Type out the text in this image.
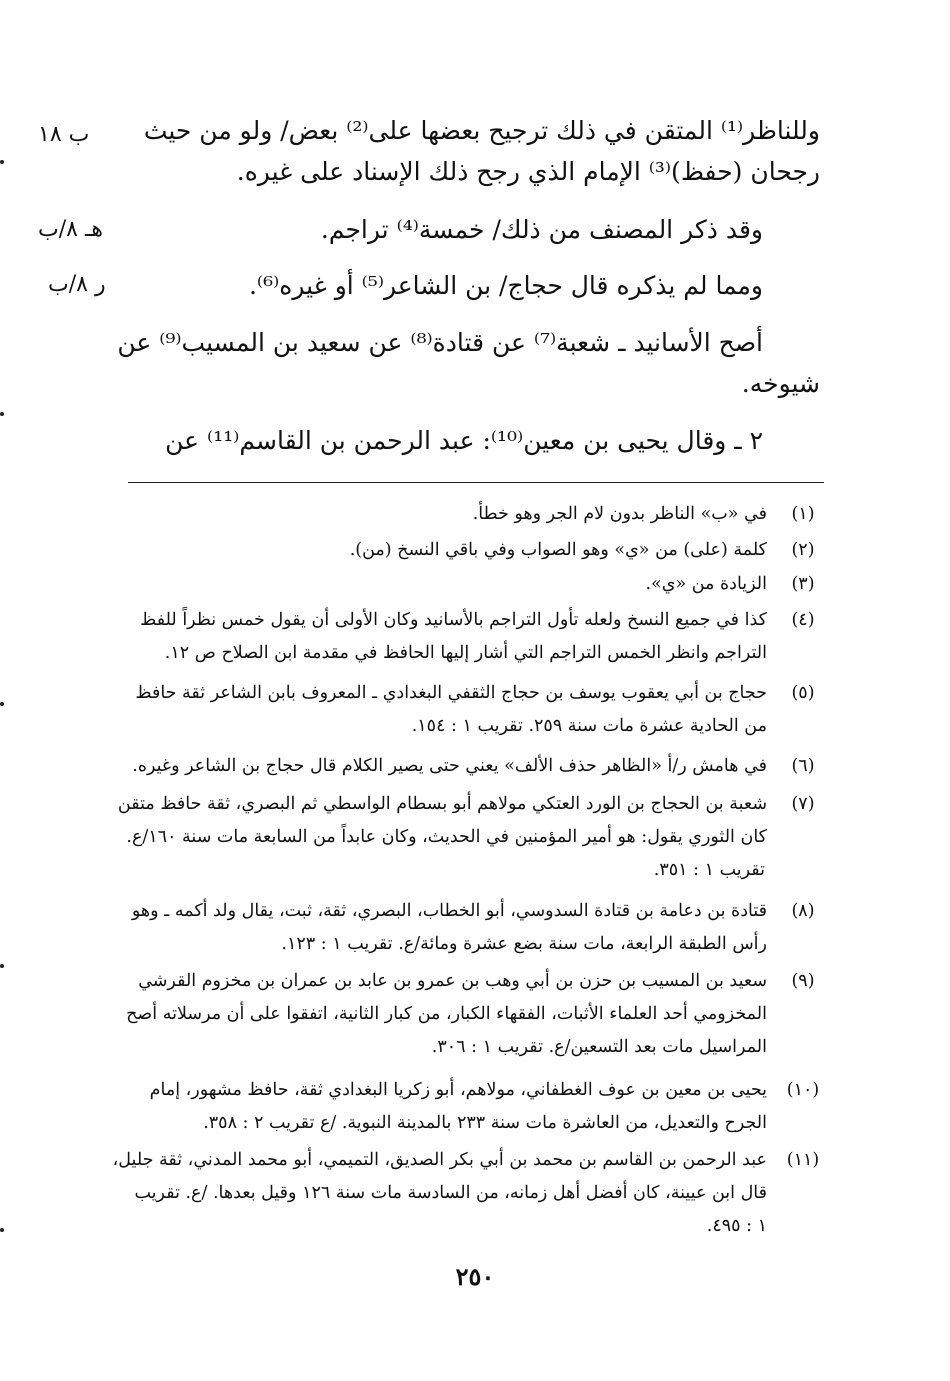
وللناظر⁽¹⁾ المتقن في ذلك ترجيح بعضها على⁽²⁾ بعض/ ولو من حيث
رجحان (حفظ)⁽³⁾ الإمام الذي رجح ذلك الإسناد على غيره.
وقد ذكر المصنف من ذلك/ خمسة⁽⁴⁾ تراجم.
ومما لم يذكره قال حجاج/ بن الشاعر⁽⁵⁾ أو غيره⁽⁶⁾.
أصح الأسانيد ـ شعبة⁽⁷⁾ عن قتادة⁽⁸⁾ عن سعيد بن المسيب⁽⁹⁾ عن
شيوخه.
٢ ـ وقال يحيى بن معين⁽¹⁰⁾: عبد الرحمن بن القاسم⁽¹¹⁾ عن
ب ١٨
هـ ٨/ب
ر ٨/ب
(١)
في «ب» الناظر بدون لام الجر وهو خطأ.
(٢)
كلمة (على) من «ي» وهو الصواب وفي باقي النسخ (من).
(٣)
الزيادة من «ي».
(٤)
كذا في جميع النسخ ولعله تأول التراجم بالأسانيد وكان الأولى أن يقول خمس نظراً للفظ
التراجم وانظر الخمس التراجم التي أشار إليها الحافظ في مقدمة ابن الصلاح ص ١٢.
(٥)
حجاج بن أبي يعقوب يوسف بن حجاج الثقفي البغدادي ـ المعروف بابن الشاعر ثقة حافظ
من الحادية عشرة مات سنة ٢٥٩. تقريب ١ : ١٥٤.
(٦)
في هامش ر/أ «الظاهر حذف الألف» يعني حتى يصير الكلام قال حجاج بن الشاعر وغيره.
(٧)
شعبة بن الحجاج بن الورد العتكي مولاهم أبو بسطام الواسطي ثم البصري، ثقة حافظ متقن
كان الثوري يقول: هو أمير المؤمنين في الحديث، وكان عابداً من السابعة مات سنة ١٦٠/ع.
تقريب ١ : ٣٥١.
(٨)
قتادة بن دعامة بن قتادة السدوسي، أبو الخطاب، البصري، ثقة، ثبت، يقال ولد أكمه ـ وهو
رأس الطبقة الرابعة، مات سنة بضع عشرة ومائة/ع. تقريب ١ : ١٢٣.
(٩)
سعيد بن المسيب بن حزن بن أبي وهب بن عمرو بن عابد بن عمران بن مخزوم القرشي
المخزومي أحد العلماء الأثبات، الفقهاء الكبار، من كبار الثانية، اتفقوا على أن مرسلاته أصح
المراسيل مات بعد التسعين/ع. تقريب ١ : ٣٠٦.
(١٠)
يحيى بن معين بن عوف الغطفاني، مولاهم، أبو زكريا البغدادي ثقة، حافظ مشهور، إمام
الجرح والتعديل، من العاشرة مات سنة ٢٣٣ بالمدينة النبوية. /ع تقريب ٢ : ٣٥٨.
(١١)
عبد الرحمن بن القاسم بن محمد بن أبي بكر الصديق، التميمي، أبو محمد المدني، ثقة جليل،
قال ابن عيينة، كان أفضل أهل زمانه، من السادسة مات سنة ١٢٦ وقيل بعدها. /ع. تقريب
١ : ٤٩٥.
٢٥٠
